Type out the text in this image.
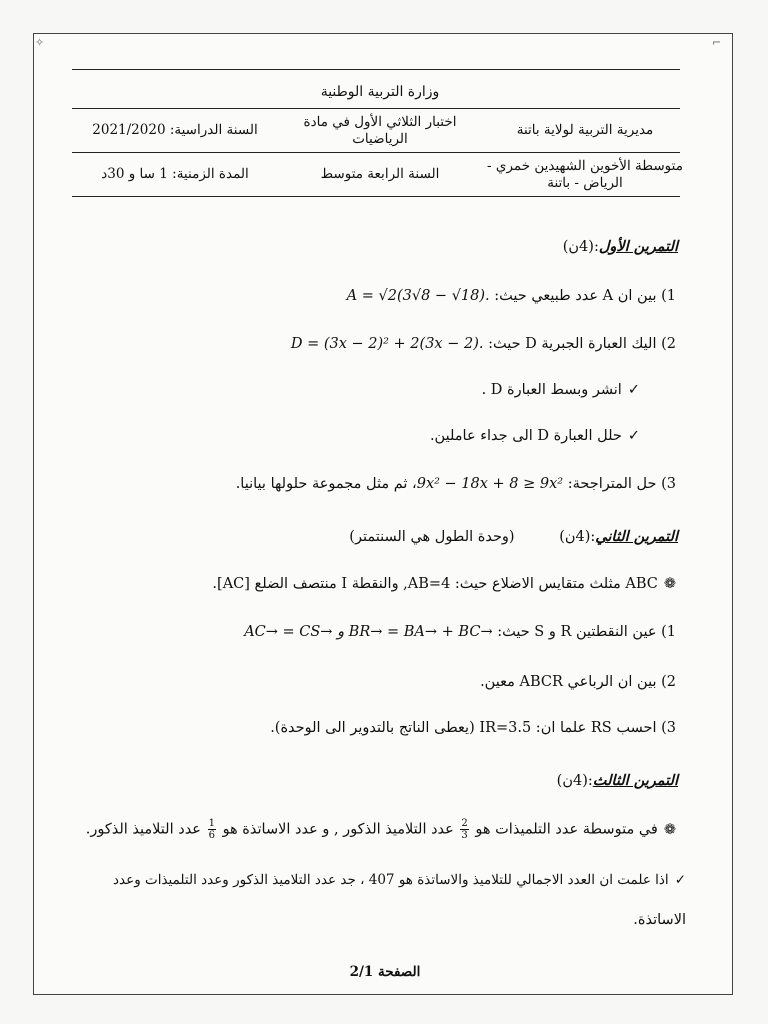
✧	⌐
وزارة التربية الوطنية
مديرية التربية لولاية باتنة
اختبار الثلاثي الأول في مادة الرياضيات
السنة الدراسية: 2021/2020
متوسطة الأخوين الشهيدين خمري - الرياض - باتنة
السنة الرابعة متوسط
المدة الزمنية: 1 سا و 30د
التمرين الأول:(4ن)
1) بين ان A عدد طبيعي حيث: A = √2(3√8 − √18).
2) اليك العبارة الجبرية D حيث: D = (3x − 2)² + 2(3x − 2).
✓انشر وبسط العبارة D .
✓حلل العبارة D الى جداء عاملين.
3) حل المتراجحة: 9x² − 18x + 8 ≥ 9x²، ثم مثل مجموعة حلولها بيانيا.
التمرين الثاني:(4ن) (وحدة الطول هي السنتمتر)
❁ABC مثلث متقايس الاضلاع حيث: AB=4, والنقطة I منتصف الضلع [AC].
1) عين النقطتين R و S حيث: AC→ = CS→ و BR→ = BA→ + BC→
2) بين ان الرباعي ABCR معين.
3) احسب RS علما ان: IR=3.5 (يعطى الناتج بالتدوير الى الوحدة).
التمرين الثالث:(4ن)
❁في متوسطة عدد التلميذات هو
$\frac{2}{3}$
عدد التلاميذ الذكور , و عدد الاساتذة هو
$\frac{1}{6}$
عدد التلاميذ الذكور.
✓اذا علمت ان العدد الاجمالي للتلاميذ والاساتذة هو 407 ، جد عدد التلاميذ الذكور وعدد التلميذات وعدد
الاساتذة.
الصفحة 2/1
